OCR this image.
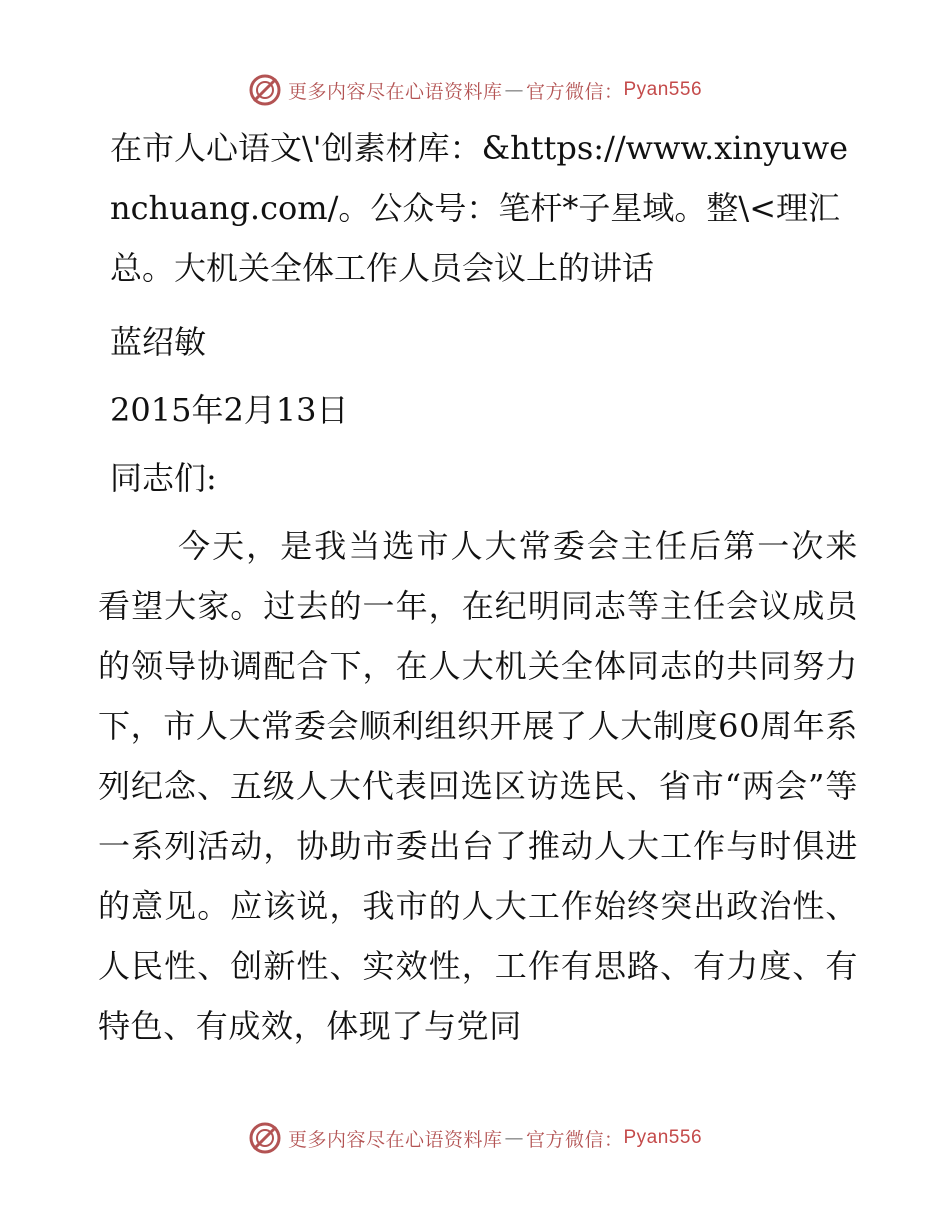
更多内容尽在心语资料库 — 官方微信： Pyan556

在市人心语文\'创素材库：&https://www.xinyuwenchuang.com/。公众号：笔杆*子星域。整\<理汇总。大机关全体工作人员会议上的讲话

蓝绍敏

2015年2月13日

同志们:

今天，是我当选市人大常委会主任后第一次来看望大家。过去的一年，在纪明同志等主任会议成员的领导协调配合下，在人大机关全体同志的共同努力下，市人大常委会顺利组织开展了人大制度60周年系列纪念、五级人大代表回选区访选民、省市“两会”等一系列活动，协助市委出台了推动人大工作与时俱进的意见。应该说，我市的人大工作始终突出政治性、人民性、创新性、实效性，工作有思路、有力度、有特色、有成效，体现了与党同

更多内容尽在心语资料库 — 官方微信： Pyan556
